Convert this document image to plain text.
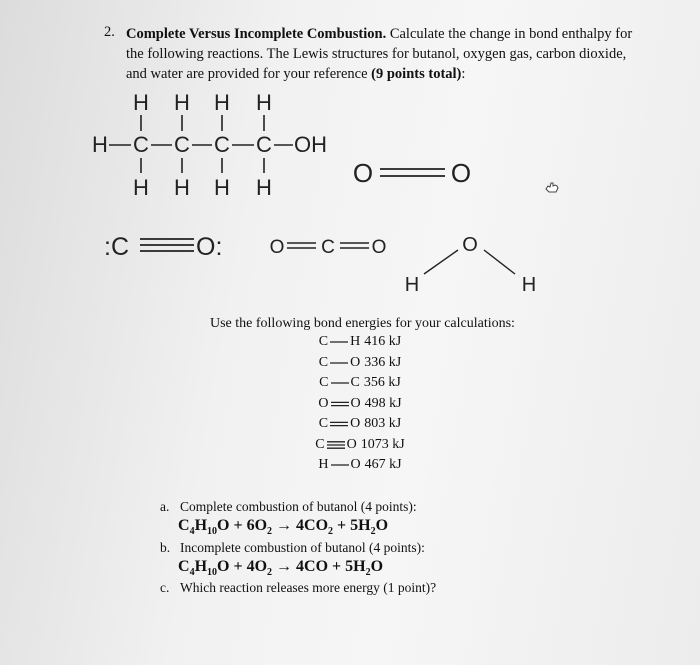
2. Complete Versus Incomplete Combustion. Calculate the change in bond enthalpy for the following reactions. The Lewis structures for butanol, oxygen gas, carbon dioxide, and water are provided for your reference (9 points total):
H H H H
H C C C C OH
H H H H	O	O
:C	O: O C O
H
O
H
Use the following bond energies for your calculations:
C H 416 kJ
C O 336 kJ
C C 356 kJ
O O 498 kJ
C O 803 kJ
C O 1073 kJ
H O 467 kJ
a. Complete combustion of butanol (4 points):
$C_4H_{10}O + 6O_2 \to 4CO_2 + 5H_2O$
b. Incomplete combustion of butanol (4 points):
$C_4H_{10}O + 4O_2 \to 4CO + 5H_2O$
c. Which reaction releases more energy (1 point)?
